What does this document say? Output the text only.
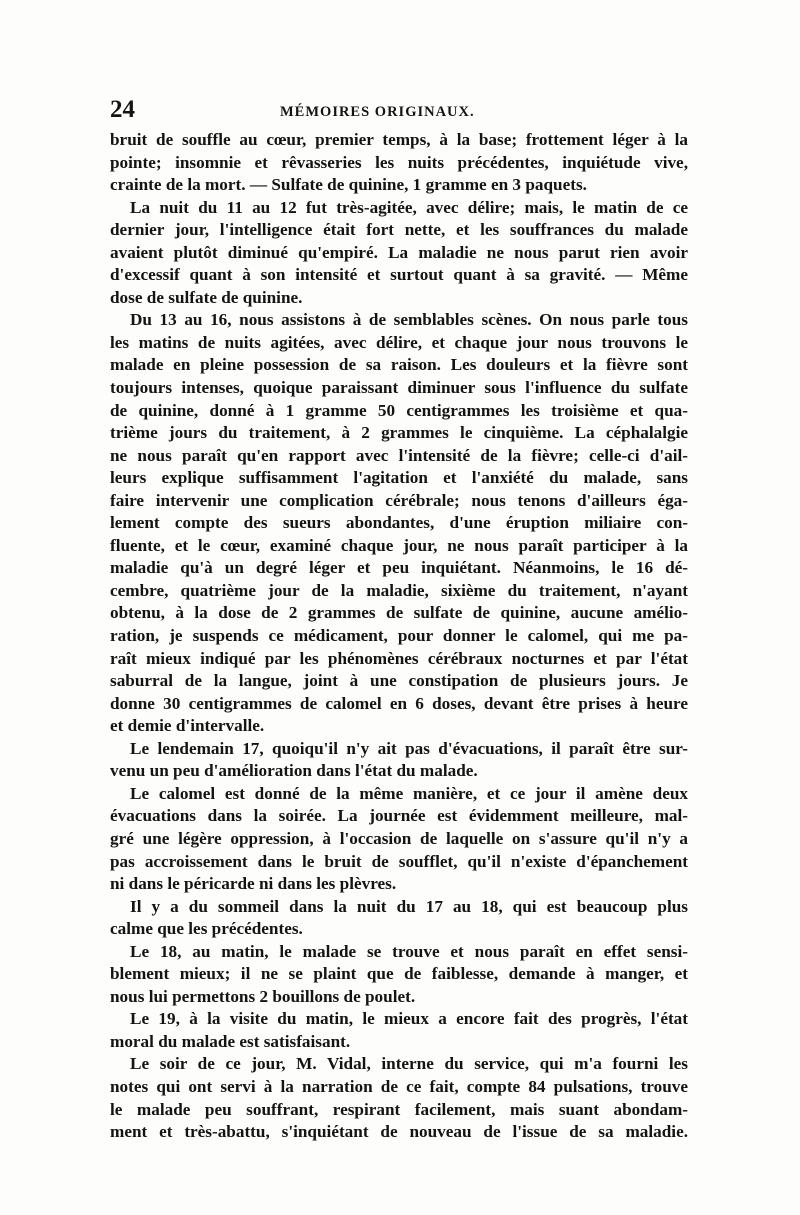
24	MÉMOIRES ORIGINAUX.
bruit de souffle au cœur, premier temps, à la base; frottement léger à la
pointe; insomnie et rêvasseries les nuits précédentes, inquiétude vive,
crainte de la mort. — Sulfate de quinine, 1 gramme en 3 paquets.
La nuit du 11 au 12 fut très-agitée, avec délire; mais, le matin de ce
dernier jour, l'intelligence était fort nette, et les souffrances du malade
avaient plutôt diminué qu'empiré. La maladie ne nous parut rien avoir
d'excessif quant à son intensité et surtout quant à sa gravité. — Même
dose de sulfate de quinine.
Du 13 au 16, nous assistons à de semblables scènes. On nous parle tous
les matins de nuits agitées, avec délire, et chaque jour nous trouvons le
malade en pleine possession de sa raison. Les douleurs et la fièvre sont
toujours intenses, quoique paraissant diminuer sous l'influence du sulfate
de quinine, donné à 1 gramme 50 centigrammes les troisième et qua-
trième jours du traitement, à 2 grammes le cinquième. La céphalalgie
ne nous paraît qu'en rapport avec l'intensité de la fièvre; celle-ci d'ail-
leurs explique suffisamment l'agitation et l'anxiété du malade, sans
faire intervenir une complication cérébrale; nous tenons d'ailleurs éga-
lement compte des sueurs abondantes, d'une éruption miliaire con-
fluente, et le cœur, examiné chaque jour, ne nous paraît participer à la
maladie qu'à un degré léger et peu inquiétant. Néanmoins, le 16 dé-
cembre, quatrième jour de la maladie, sixième du traitement, n'ayant
obtenu, à la dose de 2 grammes de sulfate de quinine, aucune amélio-
ration, je suspends ce médicament, pour donner le calomel, qui me pa-
raît mieux indiqué par les phénomènes cérébraux nocturnes et par l'état
saburral de la langue, joint à une constipation de plusieurs jours. Je
donne 30 centigrammes de calomel en 6 doses, devant être prises à heure
et demie d'intervalle.
Le lendemain 17, quoiqu'il n'y ait pas d'évacuations, il paraît être sur-
venu un peu d'amélioration dans l'état du malade.
Le calomel est donné de la même manière, et ce jour il amène deux
évacuations dans la soirée. La journée est évidemment meilleure, mal-
gré une légère oppression, à l'occasion de laquelle on s'assure qu'il n'y a
pas accroissement dans le bruit de soufflet, qu'il n'existe d'épanchement
ni dans le péricarde ni dans les plèvres.
Il y a du sommeil dans la nuit du 17 au 18, qui est beaucoup plus
calme que les précédentes.
Le 18, au matin, le malade se trouve et nous paraît en effet sensi-
blement mieux; il ne se plaint que de faiblesse, demande à manger, et
nous lui permettons 2 bouillons de poulet.
Le 19, à la visite du matin, le mieux a encore fait des progrès, l'état
moral du malade est satisfaisant.
Le soir de ce jour, M. Vidal, interne du service, qui m'a fourni les
notes qui ont servi à la narration de ce fait, compte 84 pulsations, trouve
le malade peu souffrant, respirant facilement, mais suant abondam-
ment et très-abattu, s'inquiétant de nouveau de l'issue de sa maladie.
